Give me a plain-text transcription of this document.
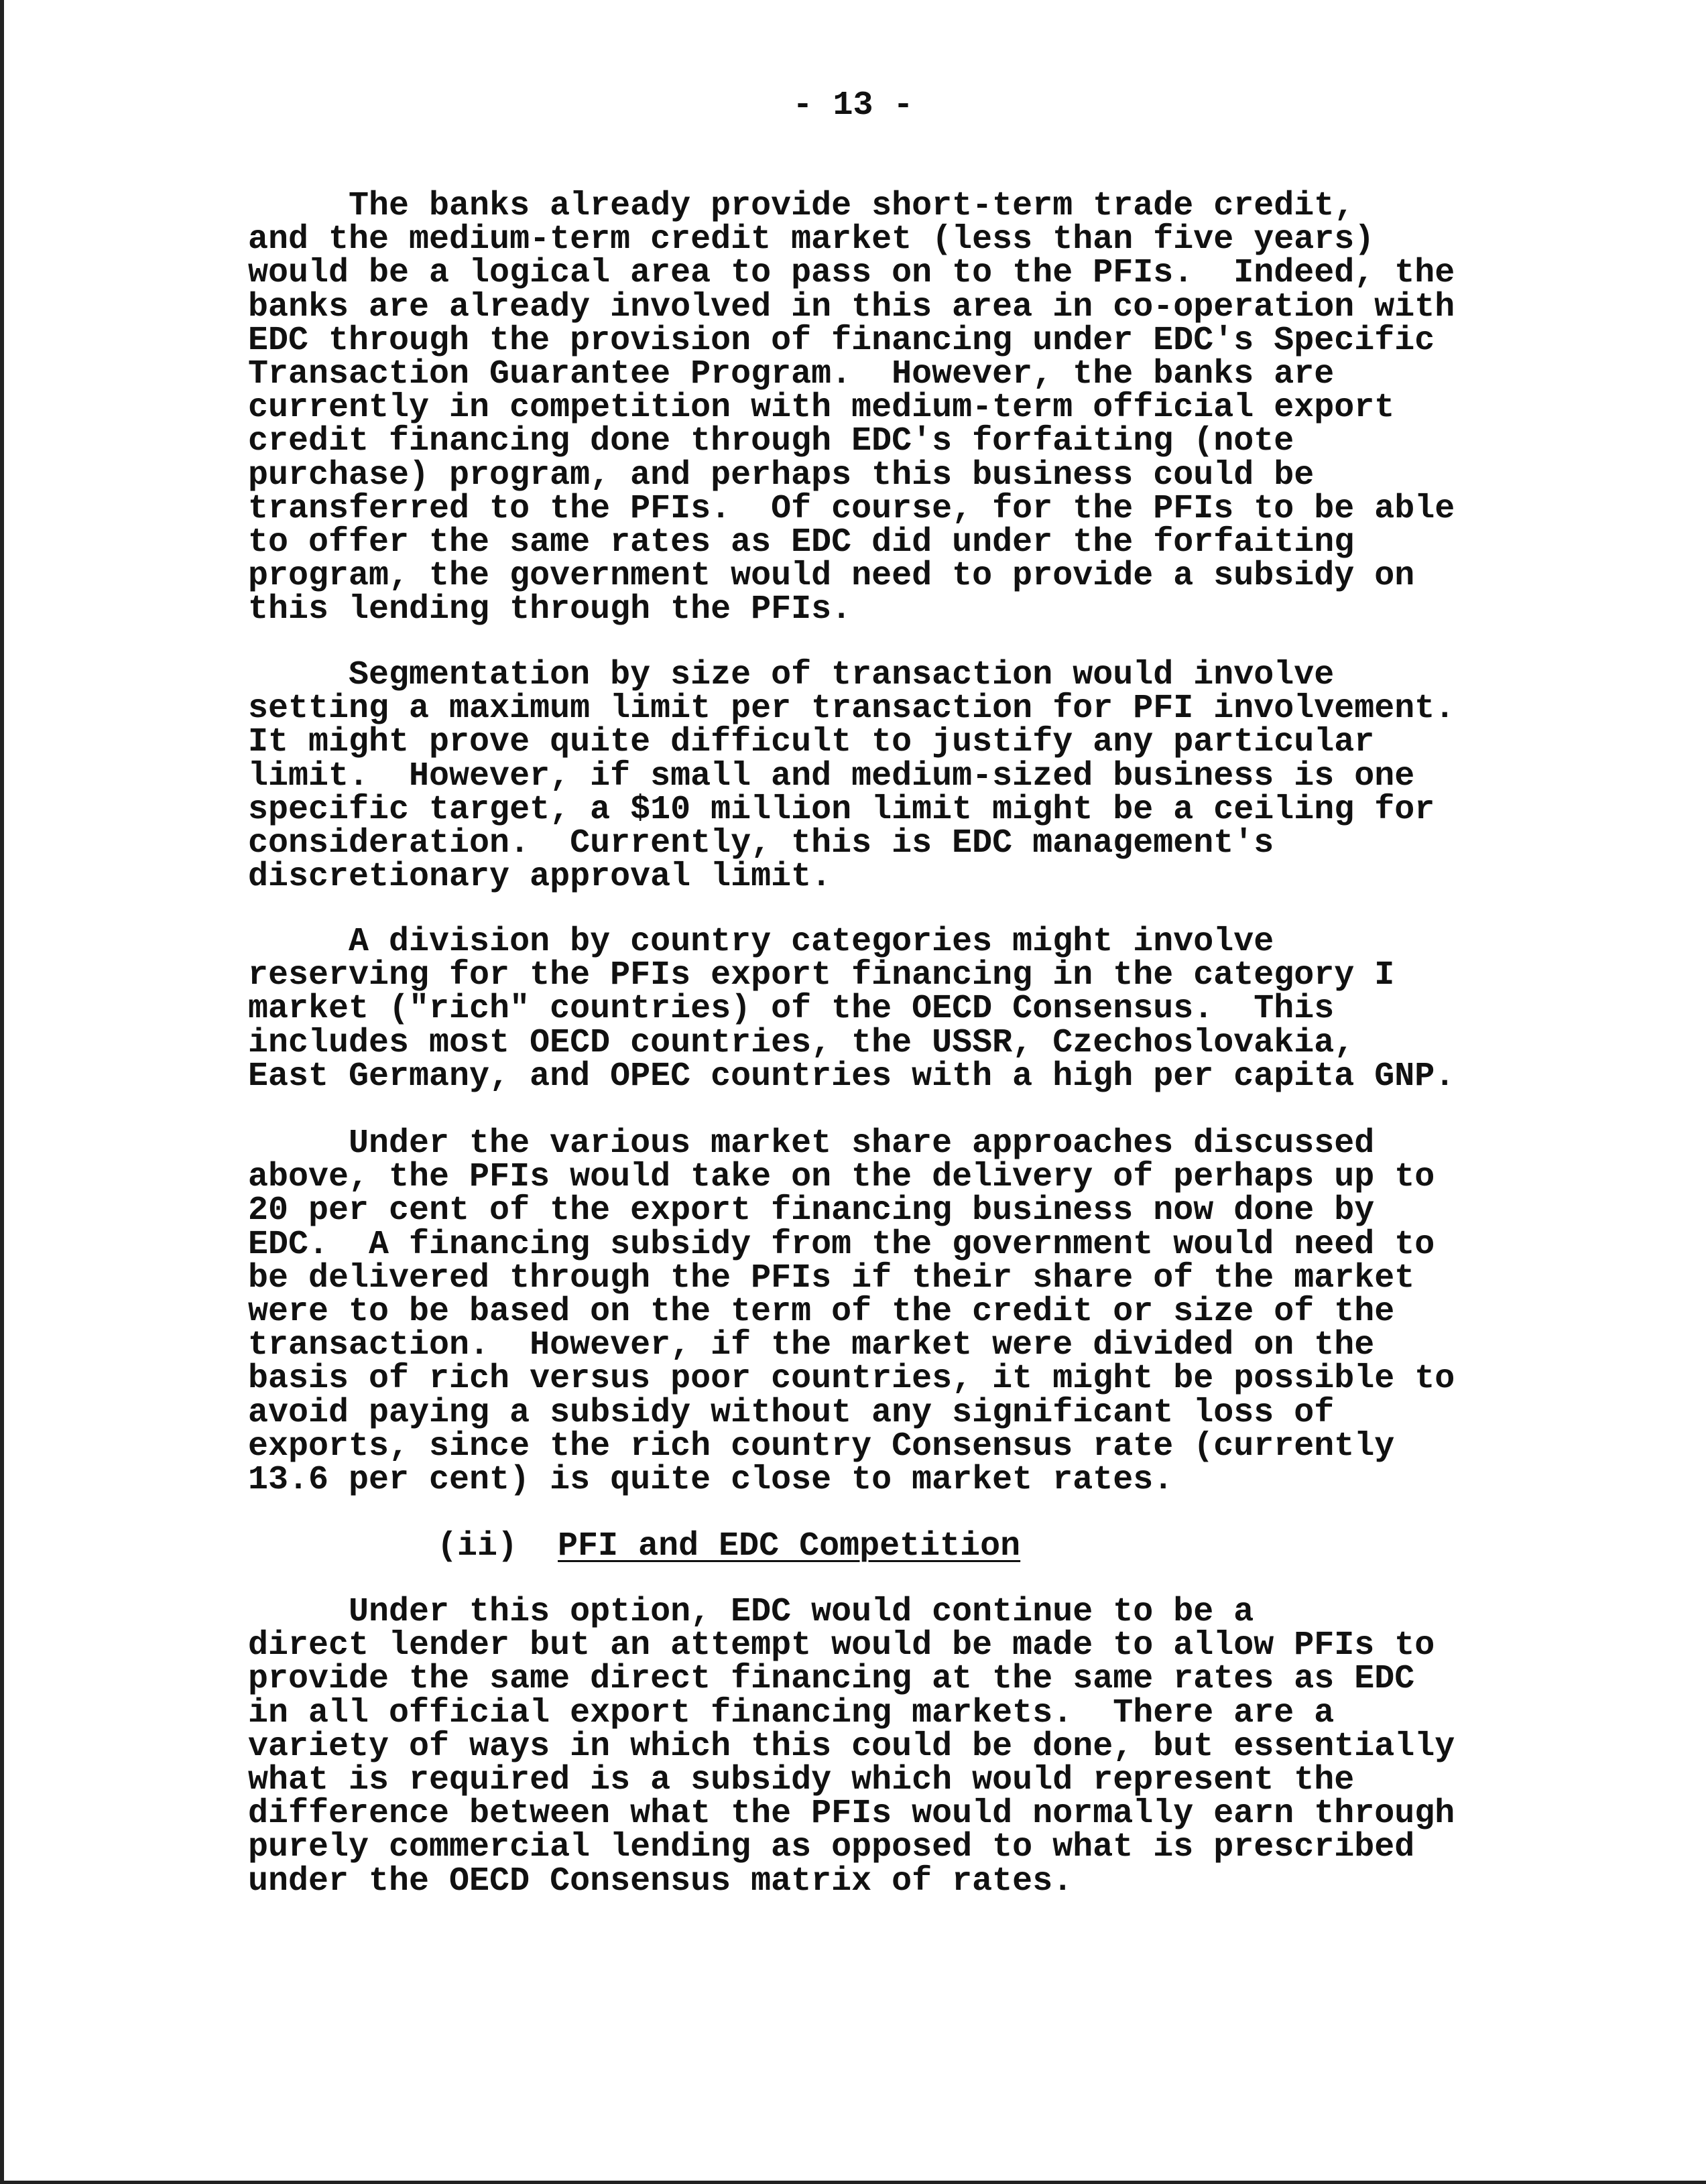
- 13 -
The banks already provide short-term trade credit,
and the medium-term credit market (less than five years)
would be a logical area to pass on to the PFIs.  Indeed, the
banks are already involved in this area in co-operation with
EDC through the provision of financing under EDC's Specific
Transaction Guarantee Program.  However, the banks are
currently in competition with medium-term official export
credit financing done through EDC's forfaiting (note
purchase) program, and perhaps this business could be
transferred to the PFIs.  Of course, for the PFIs to be able
to offer the same rates as EDC did under the forfaiting
program, the government would need to provide a subsidy on
this lending through the PFIs.
Segmentation by size of transaction would involve
setting a maximum limit per transaction for PFI involvement.
It might prove quite difficult to justify any particular
limit.  However, if small and medium-sized business is one
specific target, a $10 million limit might be a ceiling for
consideration.  Currently, this is EDC management's
discretionary approval limit.
A division by country categories might involve
reserving for the PFIs export financing in the category I
market ("rich" countries) of the OECD Consensus.  This
includes most OECD countries, the USSR, Czechoslovakia,
East Germany, and OPEC countries with a high per capita GNP.
Under the various market share approaches discussed
above, the PFIs would take on the delivery of perhaps up to
20 per cent of the export financing business now done by
EDC.  A financing subsidy from the government would need to
be delivered through the PFIs if their share of the market
were to be based on the term of the credit or size of the
transaction.  However, if the market were divided on the
basis of rich versus poor countries, it might be possible to
avoid paying a subsidy without any significant loss of
exports, since the rich country Consensus rate (currently
13.6 per cent) is quite close to market rates.
(ii) PFI and EDC Competition
Under this option, EDC would continue to be a
direct lender but an attempt would be made to allow PFIs to
provide the same direct financing at the same rates as EDC
in all official export financing markets.  There are a
variety of ways in which this could be done, but essentially
what is required is a subsidy which would represent the
difference between what the PFIs would normally earn through
purely commercial lending as opposed to what is prescribed
under the OECD Consensus matrix of rates.
